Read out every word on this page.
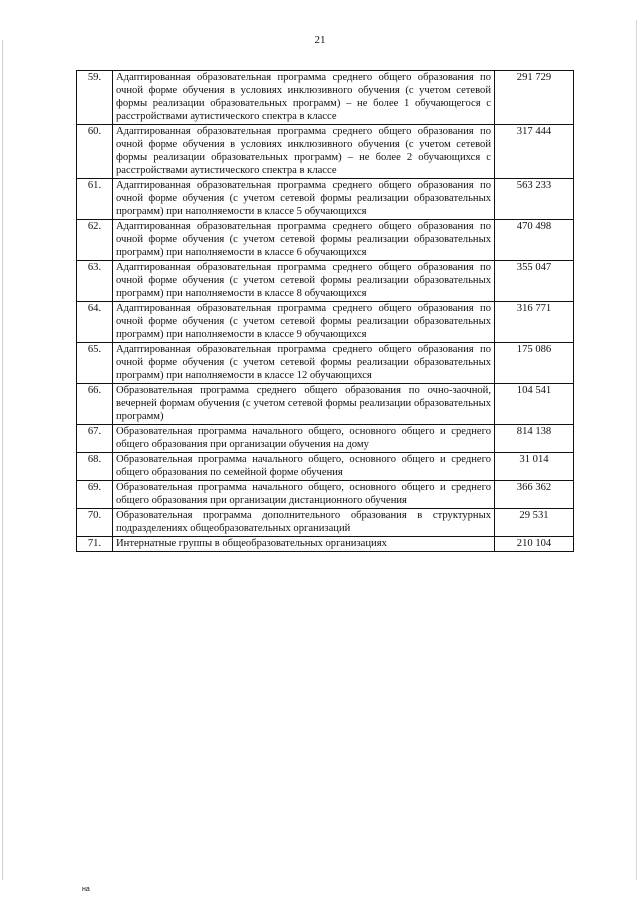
21
59.	Адаптированная образовательная программа среднего общего образования по очной форме обучения в условиях инклюзивного обучения (с учетом сетевой формы реализации образовательных программ) – не более 1 обучающегося с расстройствами аутистического спектра в классе	291 729
60.	Адаптированная образовательная программа среднего общего образования по очной форме обучения в условиях инклюзивного обучения (с учетом сетевой формы реализации образовательных программ) – не более 2 обучающихся с расстройствами аутистического спектра в классе	317 444
61.	Адаптированная образовательная программа среднего общего образования по очной форме обучения (с учетом сетевой формы реализации образовательных программ) при наполняемости в классе 5 обучающихся	563 233
62.	Адаптированная образовательная программа среднего общего образования по очной форме обучения (с учетом сетевой формы реализации образовательных программ) при наполняемости в классе 6 обучающихся	470 498
63.	Адаптированная образовательная программа среднего общего образования по очной форме обучения (с учетом сетевой формы реализации образовательных программ) при наполняемости в классе 8 обучающихся	355 047
64.	Адаптированная образовательная программа среднего общего образования по очной форме обучения (с учетом сетевой формы реализации образовательных программ) при наполняемости в классе 9 обучающихся	316 771
65.	Адаптированная образовательная программа среднего общего образования по очной форме обучения (с учетом сетевой формы реализации образовательных программ) при наполняемости в классе 12 обучающихся	175 086
66.	Образовательная программа среднего общего образования по очно-заочной, вечерней формам обучения (с учетом сетевой формы реализации образовательных программ)	104 541
67.	Образовательная программа начального общего, основного общего и среднего общего образования при организации обучения на дому	814 138
68.	Образовательная программа начального общего, основного общего и среднего общего образования по семейной форме обучения	31 014
69.	Образовательная программа начального общего, основного общего и среднего общего образования при организации дистанционного обучения	366 362
70.	Образовательная программа дополнительного образования в структурных подразделениях общеобразовательных организаций	29 531
71.	Интернатные группы в общеобразовательных организациях	210 104
на
